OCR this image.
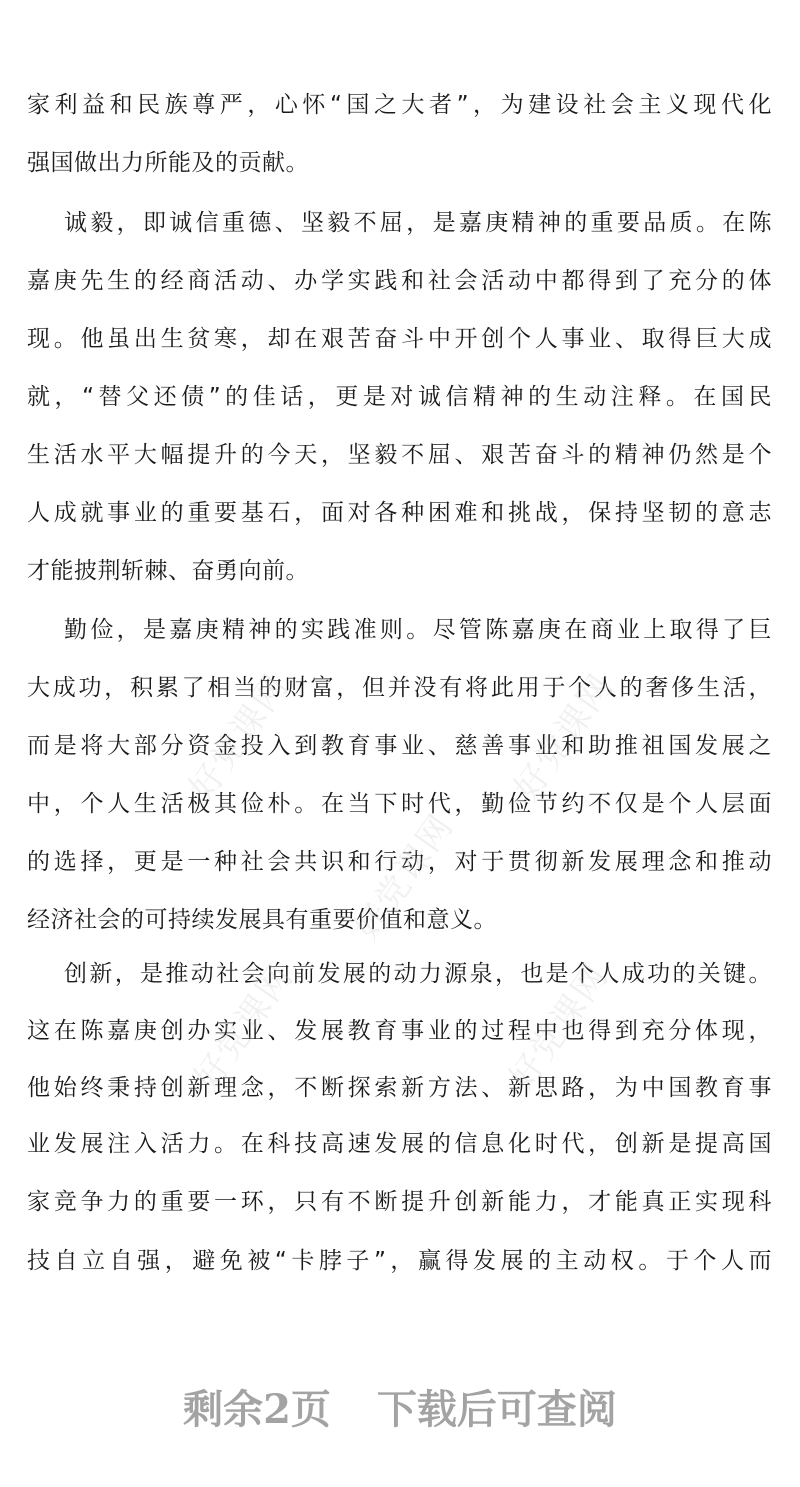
家利益和民族尊严，心怀“国之大者”，为建设社会主义现代化
强国做出力所能及的贡献。
诚毅，即诚信重德、坚毅不屈，是嘉庚精神的重要品质。在陈
嘉庚先生的经商活动、办学实践和社会活动中都得到了充分的体
现。他虽出生贫寒，却在艰苦奋斗中开创个人事业、取得巨大成
就，“替父还债”的佳话，更是对诚信精神的生动注释。在国民
生活水平大幅提升的今天，坚毅不屈、艰苦奋斗的精神仍然是个
人成就事业的重要基石，面对各种困难和挑战，保持坚韧的意志
才能披荆斩棘、奋勇向前。
勤俭，是嘉庚精神的实践准则。尽管陈嘉庚在商业上取得了巨
大成功，积累了相当的财富，但并没有将此用于个人的奢侈生活，
而是将大部分资金投入到教育事业、慈善事业和助推祖国发展之
中，个人生活极其俭朴。在当下时代，勤俭节约不仅是个人层面
的选择，更是一种社会共识和行动，对于贯彻新发展理念和推动
经济社会的可持续发展具有重要价值和意义。
创新，是推动社会向前发展的动力源泉，也是个人成功的关键。
这在陈嘉庚创办实业、发展教育事业的过程中也得到充分体现，
他始终秉持创新理念，不断探索新方法、新思路，为中国教育事
业发展注入活力。在科技高速发展的信息化时代，创新是提高国
家竞争力的重要一环，只有不断提升创新能力，才能真正实现科
技自立自强，避免被“卡脖子”，赢得发展的主动权。于个人而
好党课网	好党课网
好党课网
好党课网	好党课网
剩余2页 下载后可查阅
